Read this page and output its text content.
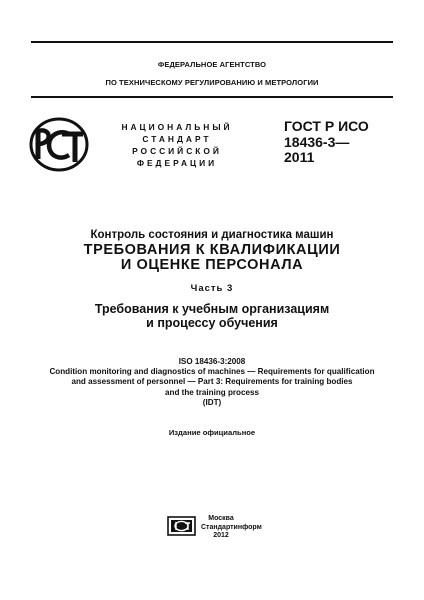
ФЕДЕРАЛЬНОЕ АГЕНТСТВО
ПО ТЕХНИЧЕСКОМУ РЕГУЛИРОВАНИЮ И МЕТРОЛОГИИ
НАЦИОНАЛЬНЫЙ
СТАНДАРТ
РОССИЙСКОЙ
ФЕДЕРАЦИИ
ГОСТ Р ИСО
18436-3—
2011
Контроль состояния и диагностика машин
ТРЕБОВАНИЯ К КВАЛИФИКАЦИИ
И ОЦЕНКЕ ПЕРСОНАЛА
Часть 3
Требования к учебным организациям
и процессу обучения
ISO 18436-3:2008
Condition monitoring and diagnostics of machines — Requirements for qualification
and assessment of personnel — Part 3: Requirements for training bodies
and the training process
(IDT)
Издание официальное
Москва
Стандартинформ
2012
